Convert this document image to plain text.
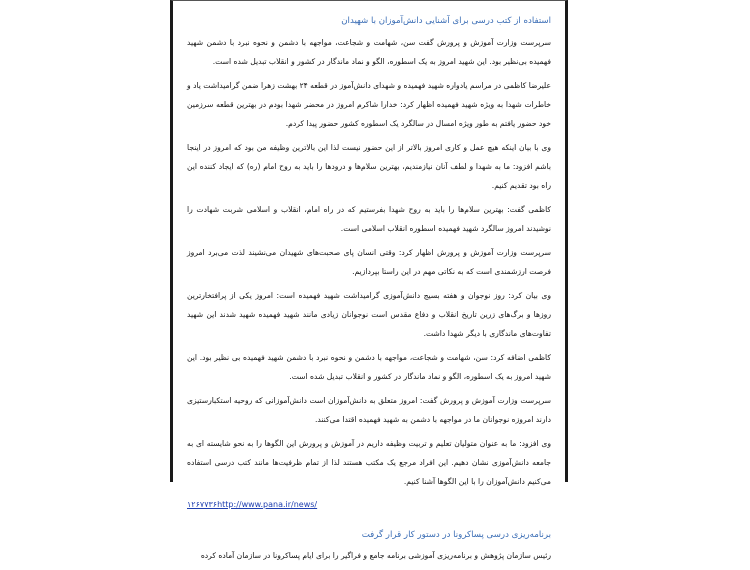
استفاده از کتب درسی برای آشنایی دانش‌آموزان با شهیدان

سرپرست وزارت آموزش و پرورش گفت سن، شهامت و شجاعت، مواجهه با دشمن و نحوه نبرد با دشمن شهید فهمیده بی‌نظیر بود. این شهید امروز به یک اسطوره، الگو و نماد ماندگار در کشور و انقلاب تبدیل شده است.

علیرضا کاظمی در مراسم یادواره شهید فهمیده و شهدای دانش‌آموز در قطعه ۲۴ بهشت زهرا ضمن گرامیداشت یاد و خاطرات شهدا به ویژه شهید فهمیده اظهار کرد: خدارا شاکرم امروز در محضر شهدا بودم در بهترین قطعه سرزمین خود حضور یافتم به طور ویژه امسال در سالگرد یک اسطوره کشور حضور پیدا کردم.

وی با بیان اینکه هیچ عمل و کاری امروز بالاتر از این حضور نیست لذا این بالاترین وظیفه من بود که امروز در اینجا باشم افزود: ما به شهدا و لطف آنان نیازمندیم، بهترین سلام‌ها و درودها را باید به روح امام (ره) که ایجاد کننده این راه بود تقدیم کنیم.

کاظمی گفت: بهترین سلام‌ها را باید به روح شهدا بفرستیم که در راه امام، انقلاب و اسلامی شربت شهادت را نوشیدند امروز سالگرد شهید فهمیده اسطوره انقلاب اسلامی است.

سرپرست وزارت آموزش و پرورش اظهار کرد: وقتی انسان پای صحبت‌های شهیدان می‌نشیند لذت می‌برد امروز فرصت ارزشمندی است که به نکاتی مهم در این راستا بپردازیم.

وی بیان کرد: روز نوجوان و هفته بسیج دانش‌آموزی گرامیداشت شهید فهمیده است: امروز یکی از پرافتخارترین روزها و برگ‌های زرین تاریخ انقلاب و دفاع مقدس است نوجوانان زیادی مانند شهید فهمیده شهید شدند این شهید تفاوت‌های ماندگاری با دیگر شهدا داشت.

کاظمی اضافه کرد: سن، شهامت و شجاعت، مواجهه با دشمن و نحوه نبرد با دشمن شهید فهمیده بی نظیر بود. این شهید امروز به یک اسطوره، الگو و نماد ماندگار در کشور و انقلاب تبدیل شده است.

سرپرست وزارت آموزش و پرورش گفت: امروز متعلق به دانش‌آموزان است دانش‌آموزانی که روحیه استکبارستیزی دارند امروزه نوجوانان ما در مواجهه با دشمن به شهید فهمیده اقتدا می‌کنند.

وی افزود: ما به عنوان متولیان تعلیم و تربیت وظیفه داریم در آموزش و پرورش این الگوها را به نحو شایسته ای به جامعه دانش‌آموزی نشان دهیم. این افراد مرجع یک مکتب هستند لذا از تمام ظرفیت‌ها مانند کتب درسی استفاده می‌کنیم دانش‌آموزان را با این الگوها آشنا کنیم.

۱۲۶۷۷۳۶http://www.pana.ir/news/
برنامه‌ریزی درسی پساکرونا در دستور کار قرار گرفت

رئیس سازمان پژوهش و برنامه‌ریزی آموزشی برنامه جامع و فراگیر را برای ایام پساکرونا در سازمان آماده کرده
